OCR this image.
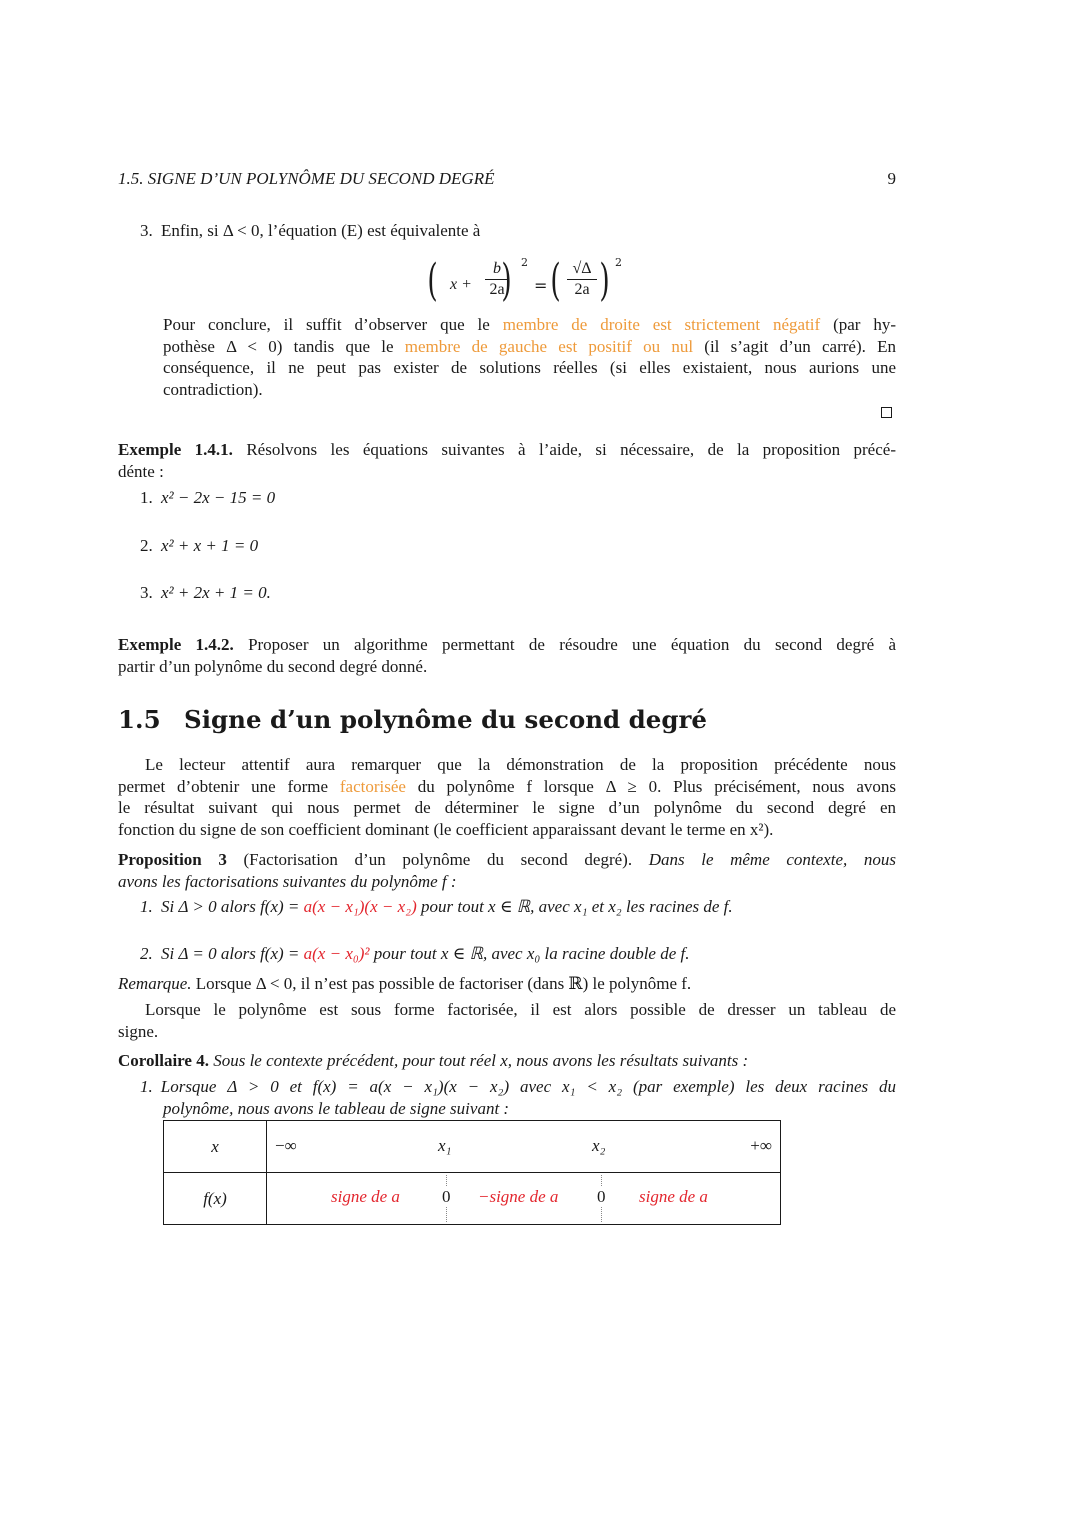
1.5. SIGNE D’UN POLYNÔME DU SECOND DEGRÉ	9
3. Enfin, si Δ < 0, l’équation (E) est équivalente à
( x +
b
2a
) 2
= ( √Δ
2a ) 2
Pour conclure, il suffit d’observer que le membre de droite est strictement négatif (par hy-
pothèse Δ < 0) tandis que le membre de gauche est positif ou nul (il s’agit d’un carré). En
conséquence, il ne peut pas exister de solutions réelles (si elles existaient, nous aurions une
contradiction).
Exemple 1.4.1. Résolvons les équations suivantes à l’aide, si nécessaire, de la proposition précé-
dénte :
1. x² − 2x − 15 = 0
2. x² + x + 1 = 0
3. x² + 2x + 1 = 0.
Exemple 1.4.2. Proposer un algorithme permettant de résoudre une équation du second degré à
partir d’un polynôme du second degré donné.
1.5 Signe d’un polynôme du second degré
Le lecteur attentif aura remarquer que la démonstration de la proposition précédente nous
permet d’obtenir une forme factorisée du polynôme f lorsque Δ ≥ 0. Plus précisément, nous avons
le résultat suivant qui nous permet de déterminer le signe d’un polynôme du second degré en
fonction du signe de son coefficient dominant (le coefficient apparaissant devant le terme en x²).
Proposition 3 (Factorisation d’un polynôme du second degré). Dans le même contexte, nous
avons les factorisations suivantes du polynôme f :
1. Si Δ > 0 alors f(x) = a(x − x₁)(x − x₂) pour tout x ∈ ℝ, avec x₁ et x₂ les racines de f.
2. Si Δ = 0 alors f(x) = a(x − x₀)² pour tout x ∈ ℝ, avec x₀ la racine double de f.
Remarque. Lorsque Δ < 0, il n’est pas possible de factoriser (dans ℝ) le polynôme f.
Lorsque le polynôme est sous forme factorisée, il est alors possible de dresser un tableau de
signe.
Corollaire 4. Sous le contexte précédent, pour tout réel x, nous avons les résultats suivants :
1. Lorsque Δ > 0 et f(x) = a(x − x₁)(x − x₂) avec x₁ < x₂ (par exemple) les deux racines du
polynôme, nous avons le tableau de signe suivant :
x	−∞ x₁ x₂ +∞

f(x)	signe de a 0 −signe de a 0 signe de a
